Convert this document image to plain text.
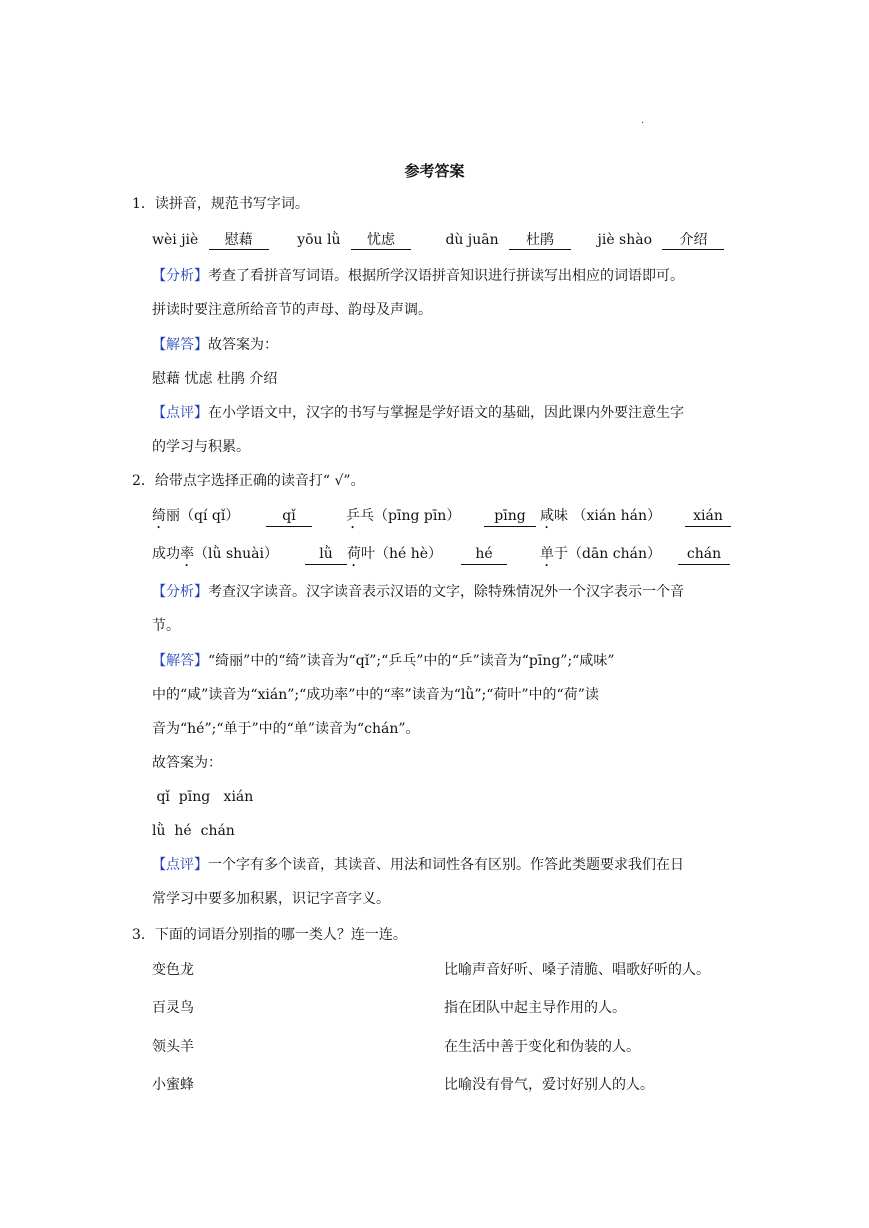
·
参考答案
1．读拼音，规范书写字词。
wèi jiè 慰藉	yōu lǜ 忧虑	dù juān 杜鹃	jiè shào 介绍
【分析】考查了看拼音写词语。根据所学汉语拼音知识进行拼读写出相应的词语即可。
拼读时要注意所给音节的声母、韵母及声调。
【解答】故答案为：
慰藉 忧虑 杜鹃 介绍
【点评】在小学语文中，汉字的书写与掌握是学好语文的基础，因此课内外要注意生字
的学习与积累。
2．给带点字选择正确的读音打“ √”。
绮丽（qí qǐ）	qǐ	乒乓（pīng pīn）	pīng	咸味 （xián hán）	xián
成功率（lǜ shuài）	lǜ	荷叶（hé hè）	hé	单于（dān chán）	chán
【分析】考查汉字读音。汉字读音表示汉语的文字，除特殊情况外一个汉字表示一个音
节。
【解答】“绮丽”中的“绮”读音为“qǐ”;“乒乓”中的“乒”读音为“pīng”;“咸味”
中的“咸”读音为“xián”;“成功率”中的“率”读音为“lǜ”;“荷叶”中的“荷”读
音为“hé”;“单于”中的“单”读音为“chán”。
故答案为：
qǐ  pīng   xián
lǜ  hé  chán
【点评】一个字有多个读音，其读音、用法和词性各有区别。作答此类题要求我们在日
常学习中要多加积累，识记字音字义。
3．下面的词语分别指的哪一类人？连一连。
变色龙	比喻声音好听、嗓子清脆、唱歌好听的人。
百灵鸟	指在团队中起主导作用的人。
领头羊	在生活中善于变化和伪装的人。
小蜜蜂	比喻没有骨气，爱讨好别人的人。
